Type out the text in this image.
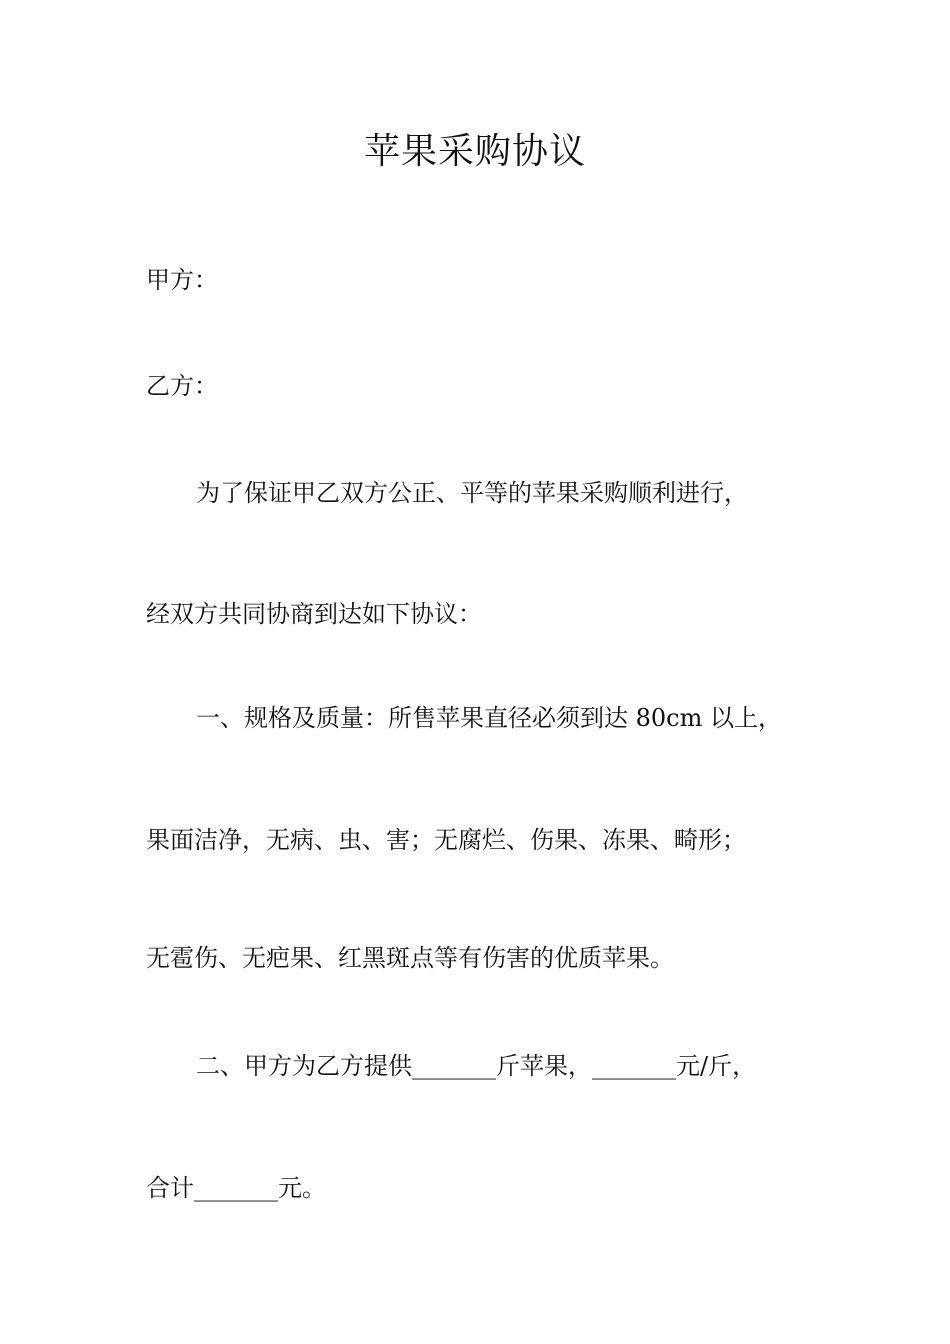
苹果采购协议
甲方：
乙方：
为了保证甲乙双方公正、平等的苹果采购顺利进行，
经双方共同协商到达如下协议：
一、规格及质量：所售苹果直径必须到达 80cm 以上，
果面洁净，无病、虫、害；无腐烂、伤果、冻果、畸形；
无雹伤、无疤果、红黑斑点等有伤害的优质苹果。
二、甲方为乙方提供_______斤苹果，_______元/斤，
合计_______元。
